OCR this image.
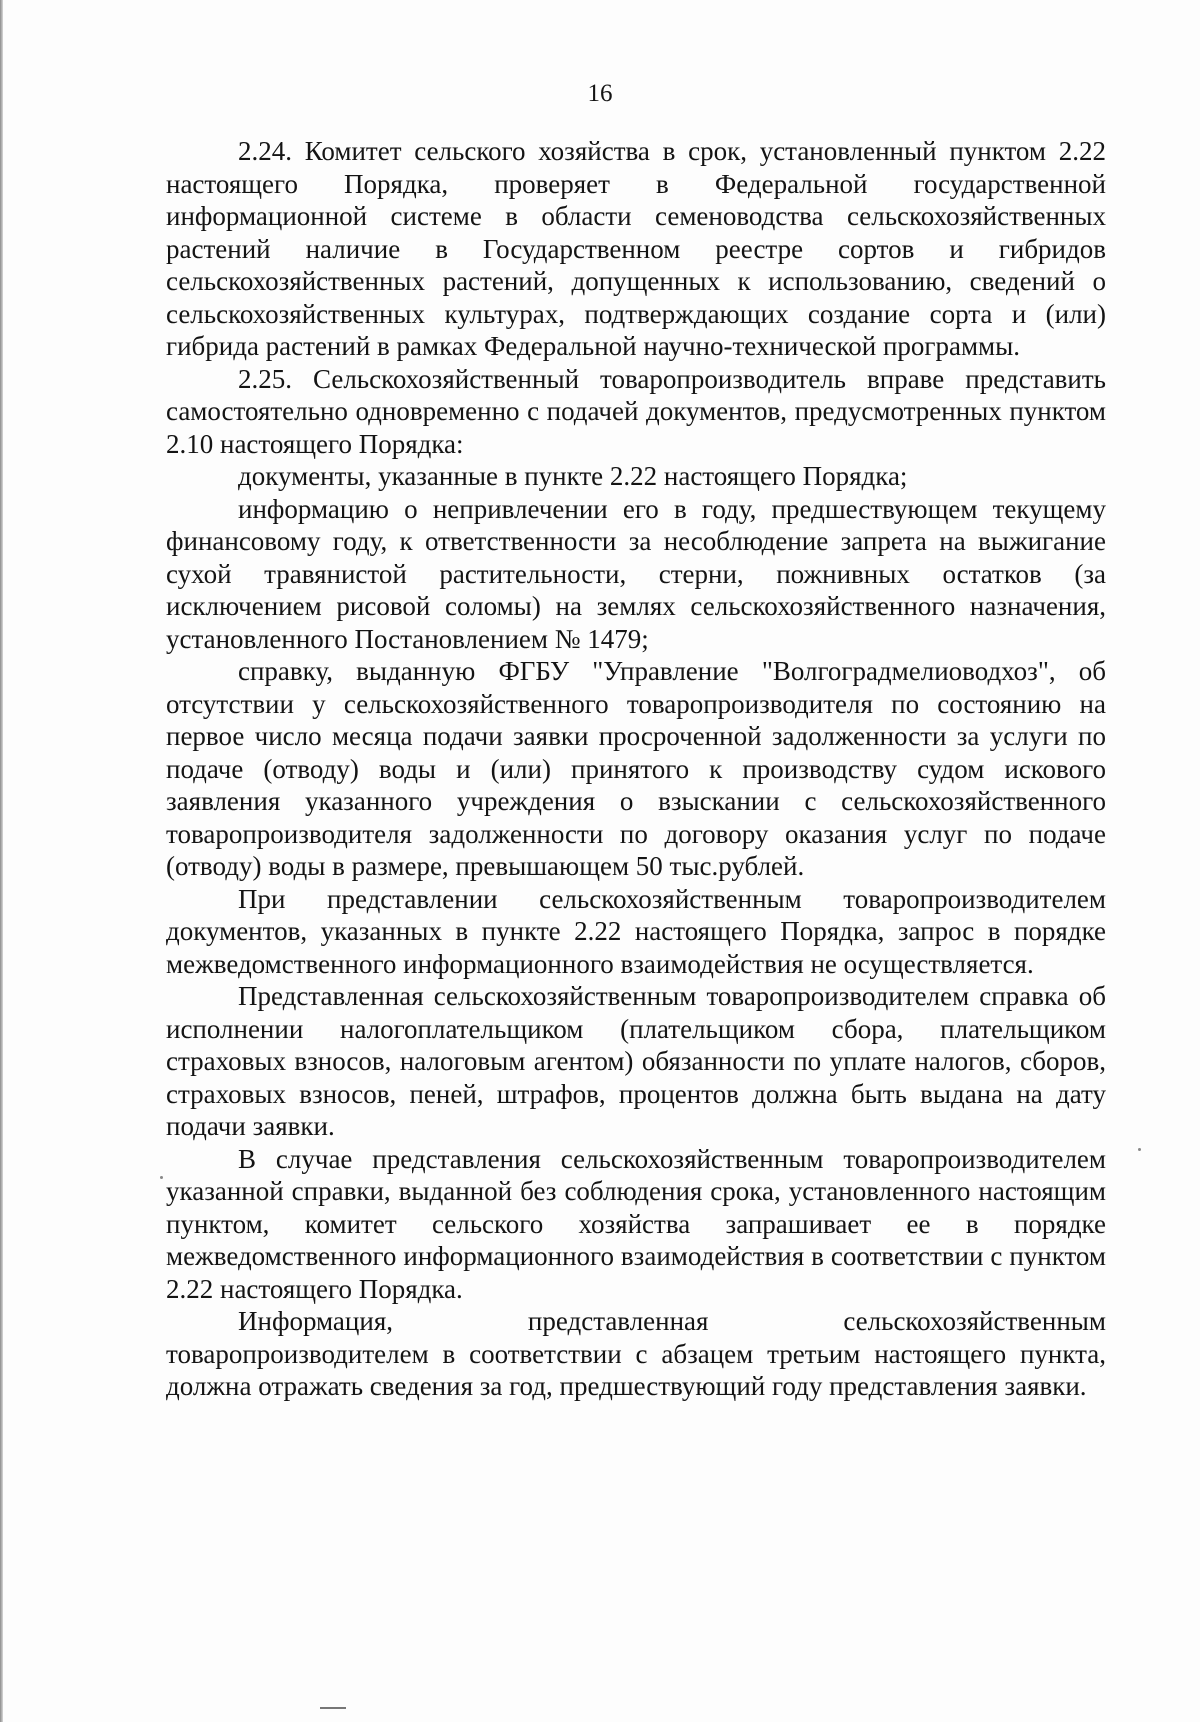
16

2.24. Комитет сельского хозяйства в срок, установленный пунктом 2.22 настоящего Порядка, проверяет в Федеральной государственной информационной системе в области семеноводства сельскохозяйственных растений наличие в Государственном реестре сортов и гибридов сельскохозяйственных растений, допущенных к использованию, сведений о сельскохозяйственных культурах, подтверждающих создание сорта и (или) гибрида растений в рамках Федеральной научно-технической программы.

2.25. Сельскохозяйственный товаропроизводитель вправе представить самостоятельно одновременно с подачей документов, предусмотренных пунктом 2.10 настоящего Порядка:

документы, указанные в пункте 2.22 настоящего Порядка;

информацию о непривлечении его в году, предшествующем текущему финансовому году, к ответственности за несоблюдение запрета на выжигание сухой травянистой растительности, стерни, пожнивных остатков (за исключением рисовой соломы) на землях сельскохозяйственного назначения, установленного Постановлением № 1479;

справку, выданную ФГБУ "Управление "Волгоградмелиоводхоз", об отсутствии у сельскохозяйственного товаропроизводителя по состоянию на первое число месяца подачи заявки просроченной задолженности за услуги по подаче (отводу) воды и (или) принятого к производству судом искового заявления указанного учреждения о взыскании с сельскохозяйственного товаропроизводителя задолженности по договору оказания услуг по подаче (отводу) воды в размере, превышающем 50 тыс.рублей.

При представлении сельскохозяйственным товаропроизводителем документов, указанных в пункте 2.22 настоящего Порядка, запрос в порядке межведомственного информационного взаимодействия не осуществляется.

Представленная сельскохозяйственным товаропроизводителем справка об исполнении налогоплательщиком (плательщиком сбора, плательщиком страховых взносов, налоговым агентом) обязанности по уплате налогов, сборов, страховых взносов, пеней, штрафов, процентов должна быть выдана на дату подачи заявки.

В случае представления сельскохозяйственным товаропроизводителем указанной справки, выданной без соблюдения срока, установленного настоящим пунктом, комитет сельского хозяйства запрашивает ее в порядке межведомственного информационного взаимодействия в соответствии с пунктом 2.22 настоящего Порядка.

Информация, представленная сельскохозяйственным товаропроизводителем в соответствии с абзацем третьим настоящего пункта, должна отражать сведения за год, предшествующий году представления заявки.
